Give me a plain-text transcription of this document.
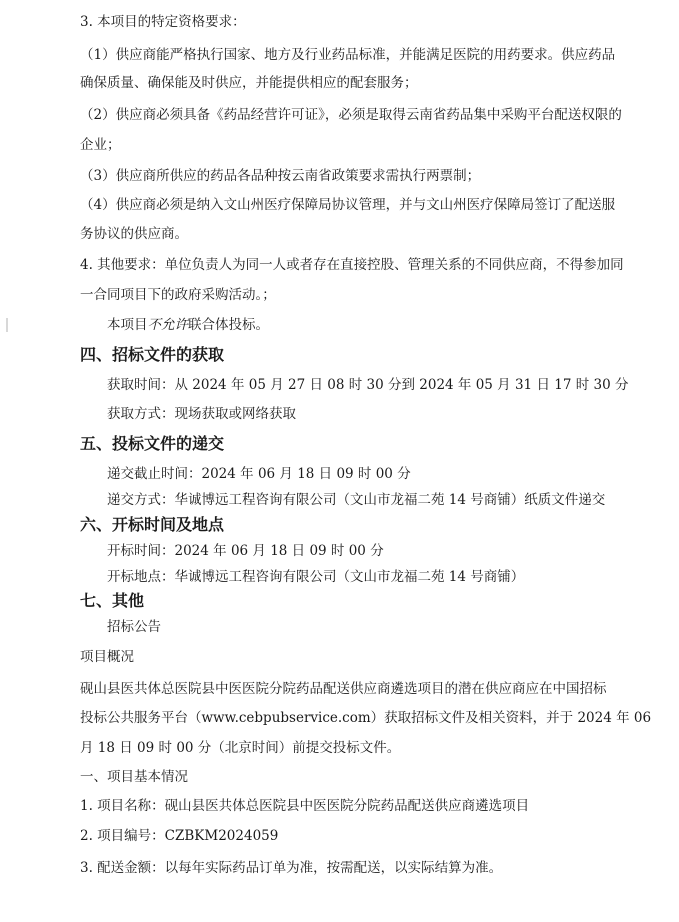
3. 本项目的特定资格要求：
（1）供应商能严格执行国家、地方及行业药品标准，并能满足医院的用药要求。供应药品
确保质量、确保能及时供应，并能提供相应的配套服务；
（2）供应商必须具备《药品经营许可证》，必须是取得云南省药品集中采购平台配送权限的
企业；
（3）供应商所供应的药品各品种按云南省政策要求需执行两票制；
（4）供应商必须是纳入文山州医疗保障局协议管理，并与文山州医疗保障局签订了配送服
务协议的供应商。
4. 其他要求：单位负责人为同一人或者存在直接控股、管理关系的不同供应商，不得参加同
一合同项目下的政府采购活动。；
本项目不允许联合体投标。
四、招标文件的获取
获取时间：从 2024 年 05 月 27 日 08 时 30 分到 2024 年 05 月 31 日 17 时 30 分
获取方式：现场获取或网络获取
五、投标文件的递交
递交截止时间：2024 年 06 月 18 日 09 时 00 分
递交方式：华诚博远工程咨询有限公司（文山市龙福二苑 14 号商铺）纸质文件递交
六、开标时间及地点
开标时间：2024 年 06 月 18 日 09 时 00 分
开标地点：华诚博远工程咨询有限公司（文山市龙福二苑 14 号商铺）
七、其他
招标公告
项目概况
砚山县医共体总医院县中医医院分院药品配送供应商遴选项目的潜在供应商应在中国招标
投标公共服务平台（www.cebpubservice.com）获取招标文件及相关资料，并于 2024 年 06
月 18 日 09 时 00 分（北京时间）前提交投标文件。
一、项目基本情况
1. 项目名称：砚山县医共体总医院县中医医院分院药品配送供应商遴选项目
2. 项目编号：CZBKM2024059
3. 配送金额：以每年实际药品订单为准，按需配送，以实际结算为准。
